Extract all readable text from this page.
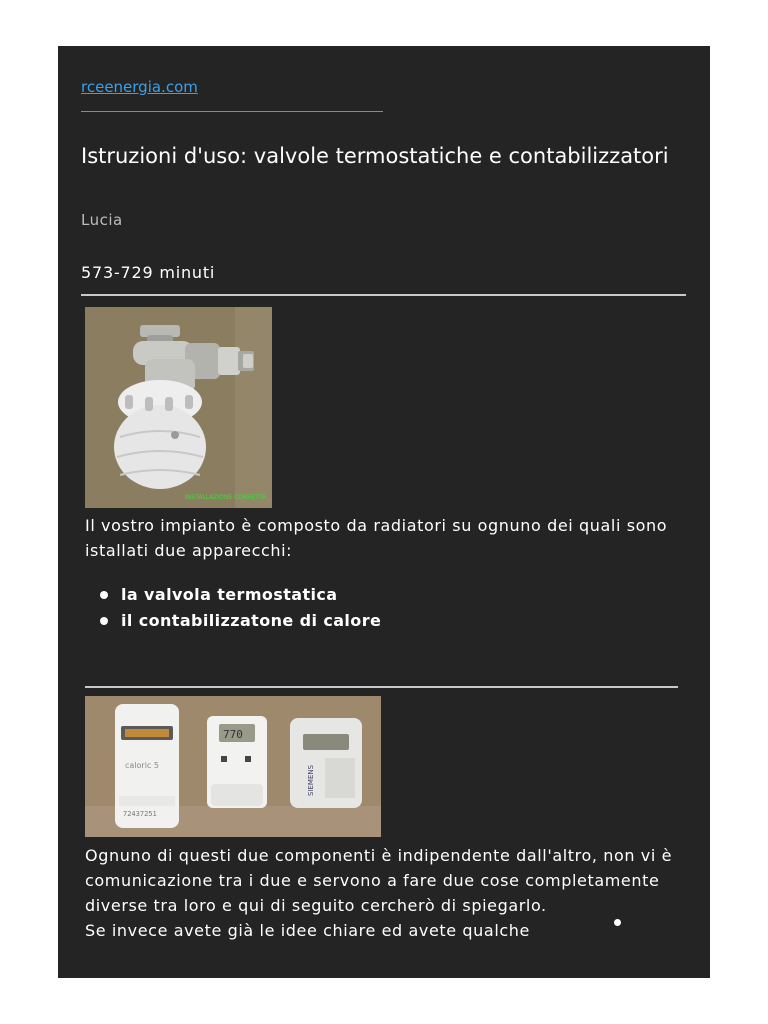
rceenergia.com
Istruzioni d'uso: valvole termostatiche e contabilizzatori
Lucia
573-729 minuti
INSTALLAZIONE CORRETTA

Il vostro impianto è composto da radiatori su ognuno dei quali sono istallati due apparecchi:

la valvola termostatica
il contabilizzatone di calore
caloric 5
72437251
770
SIEMENS

Ognuno di questi due componenti è indipendente dall'altro, non vi è comunicazione tra i due e servono a fare due cose completamente diverse tra loro e qui di seguito cercherò di spiegarlo.
Se invece avete già le idee chiare ed avete qualche
